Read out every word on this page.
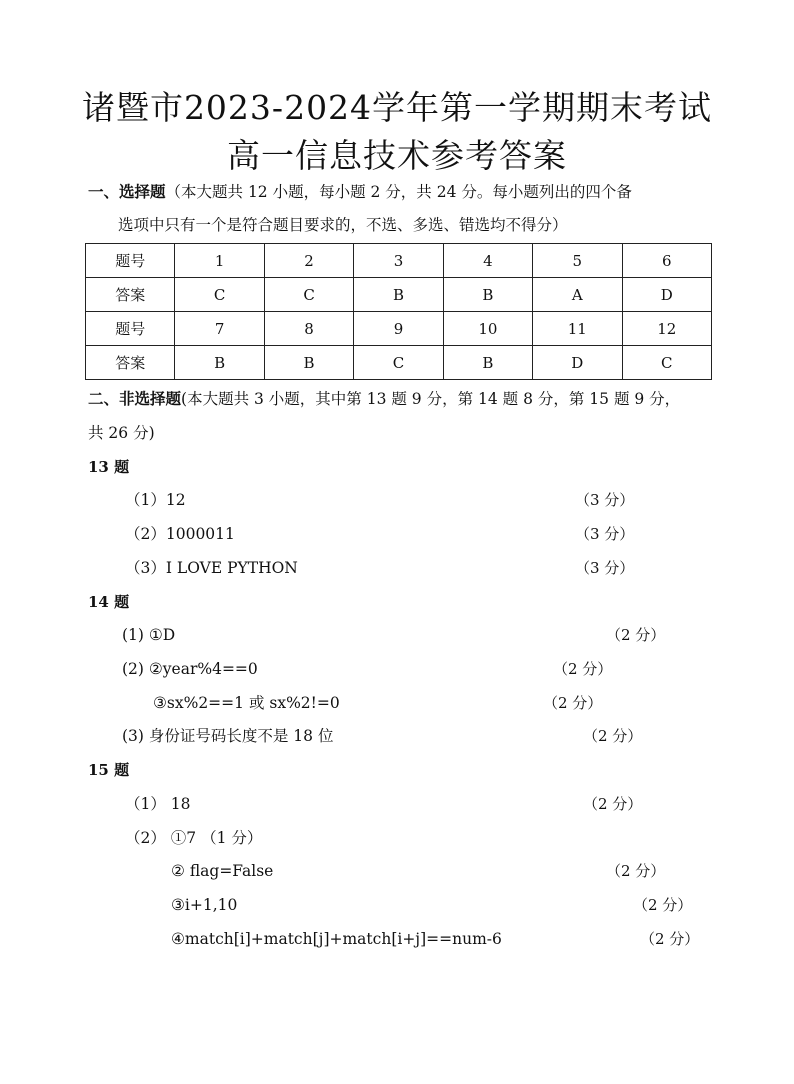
诸暨市2023-2024学年第一学期期末考试
高一信息技术参考答案
一、选择题（本大题共 12 小题，每小题 2 分，共 24 分。每小题列出的四个备
选项中只有一个是符合题目要求的，不选、多选、错选均不得分）
题号	1	2	3	4	5	6
答案	C	C	B	B	A	D
题号	7	8	9	10	11	12
答案	B	B	C	B	D	C
二、非选择题(本大题共 3 小题，其中第 13 题 9 分，第 14 题 8 分，第 15 题 9 分，
共 26 分)
13 题
（1）12	（3 分）
（2）1000011	（3 分）
（3）I LOVE PYTHON	（3 分）
14 题
(1) ①D	（2 分）
(2) ②year%4==0	（2 分）
③sx%2==1 或 sx%2!=0	（2 分）
(3) 身份证号码长度不是 18 位	（2 分）
15 题
（1） 18	（2 分）
（2） ①7 （1 分）
② flag=False	（2 分）
③i+1,10	（2 分）
④match[i]+match[j]+match[i+j]==num-6	（2 分）
